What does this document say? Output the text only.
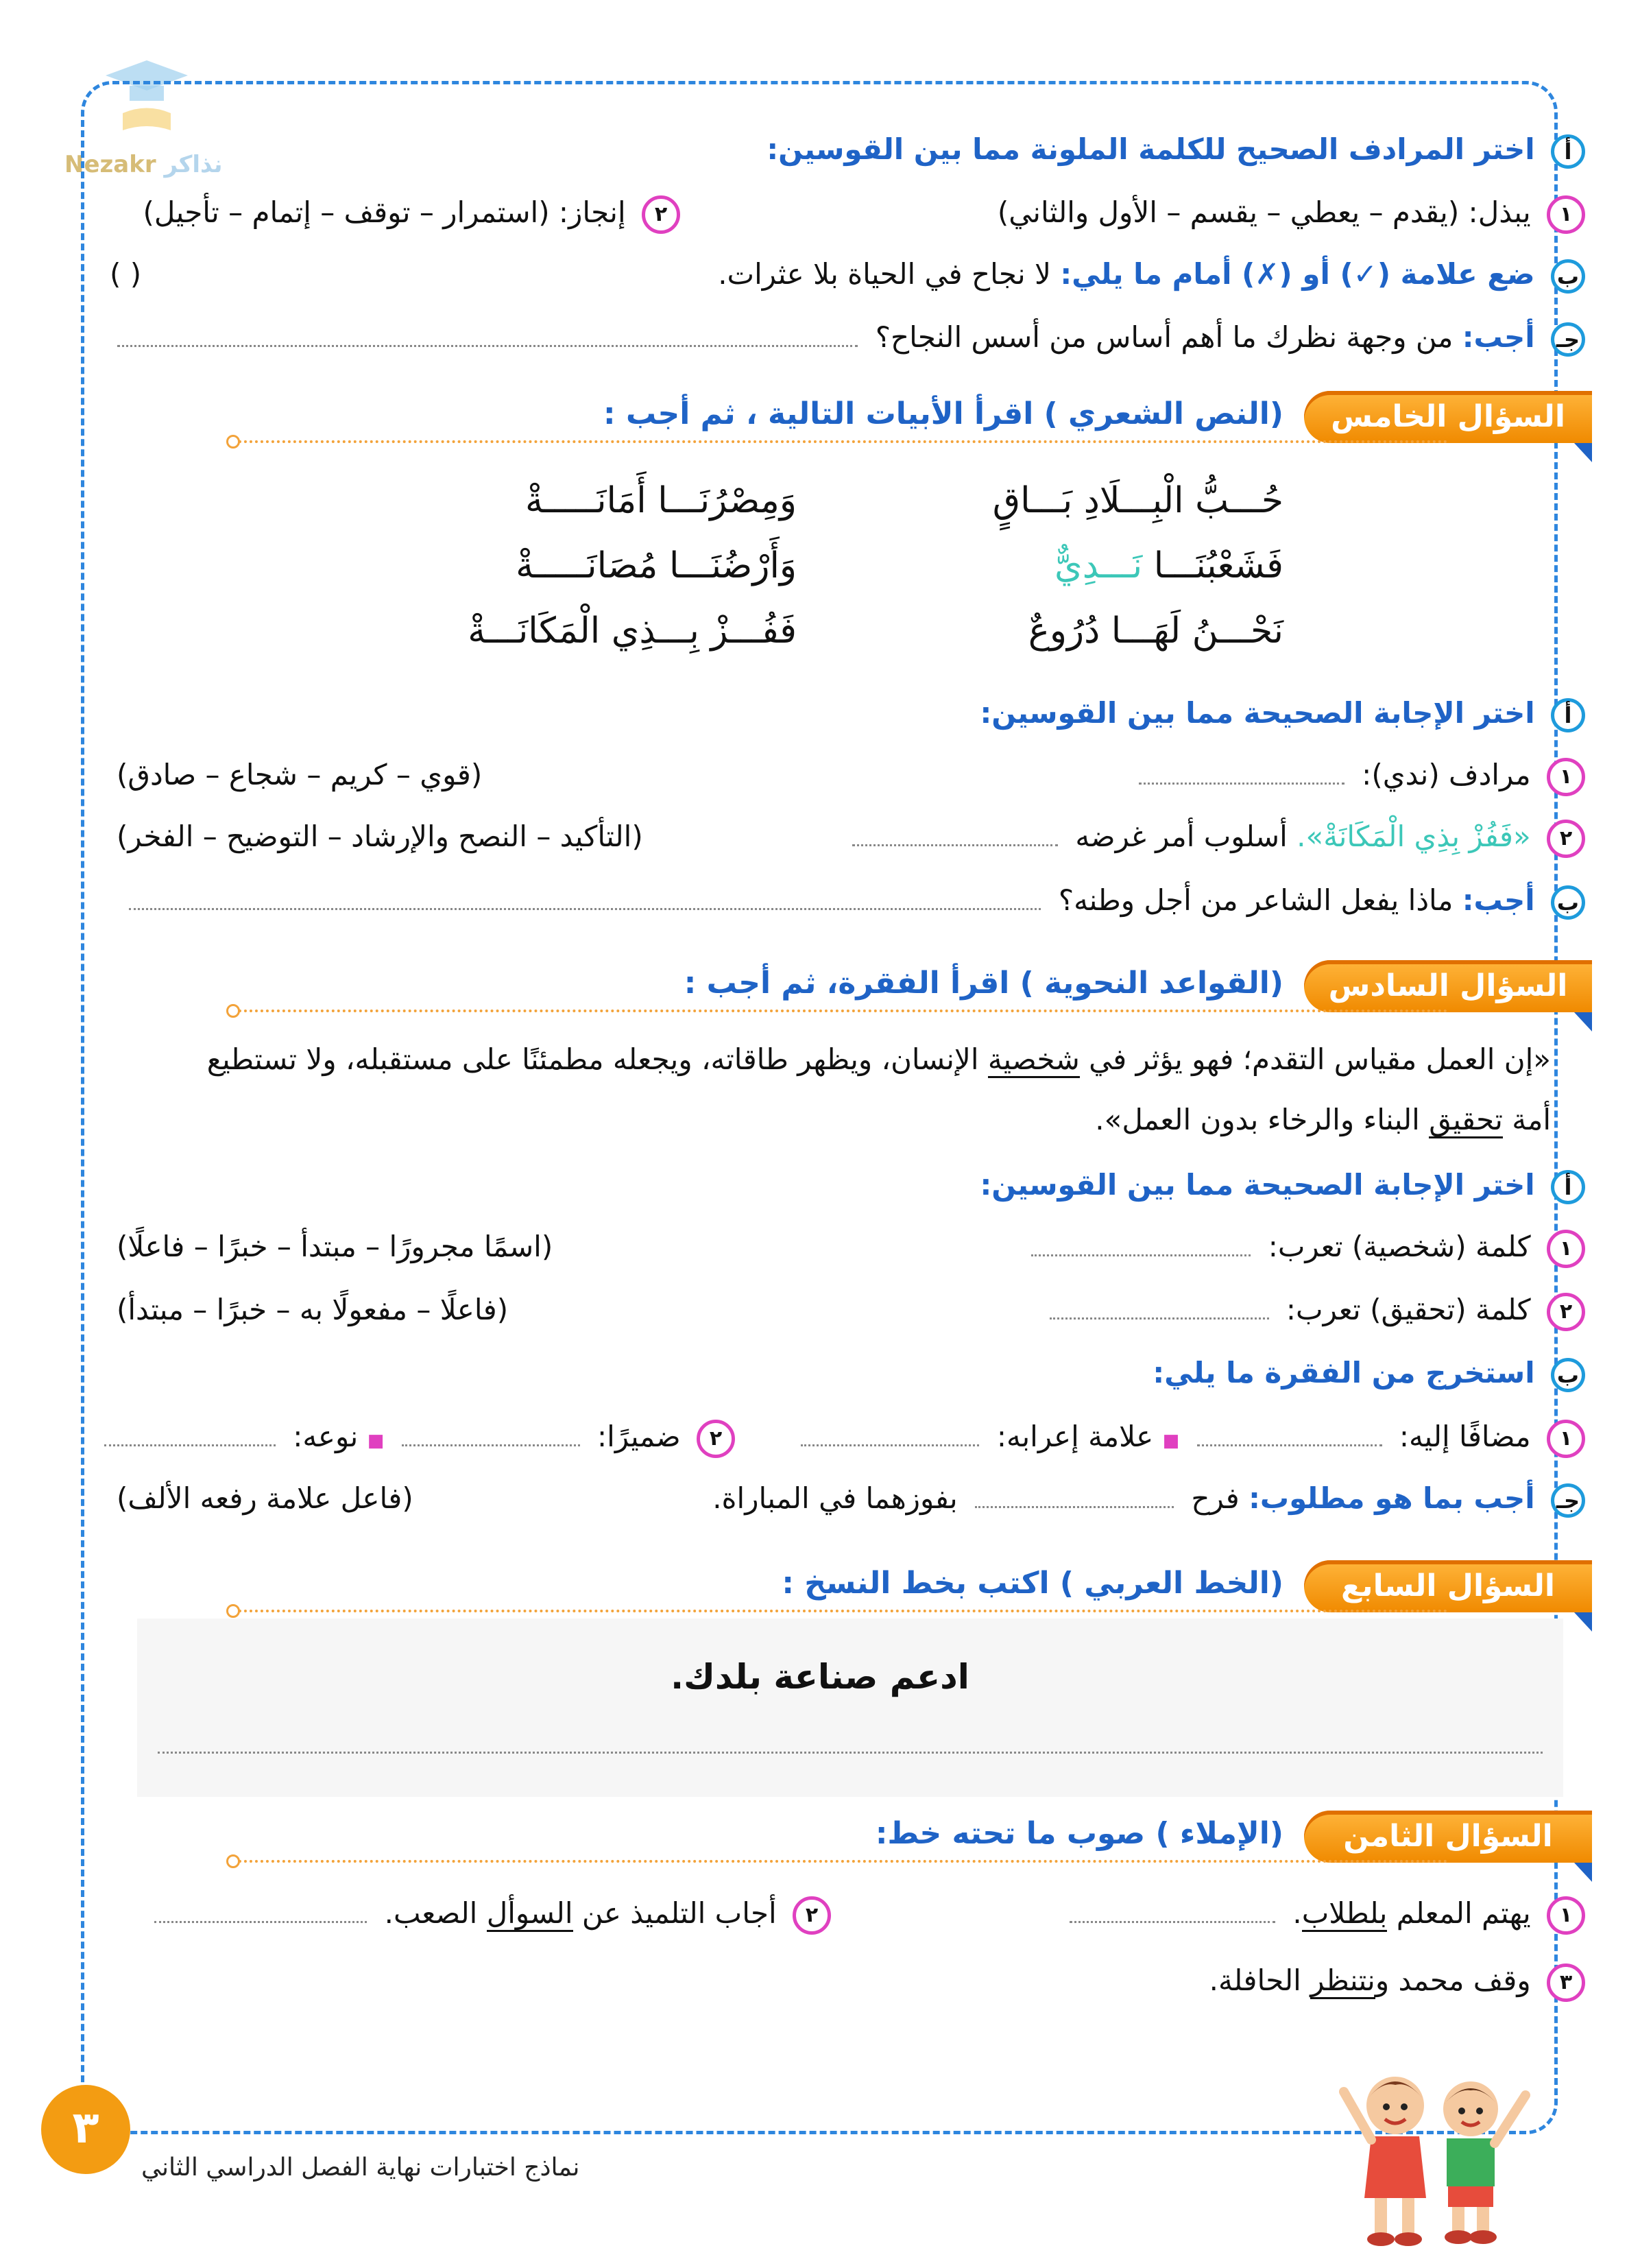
Nezakr نذاكر	أ اختر المرادف الصحيح للكلمة الملونة مما بين القوسين:
١ يبذل: (يقدم – يعطي – يقسم – الأول والثاني)
٢ إنجاز: (استمرار – توقف – إتمام – تأجيل)
ب ضع علامة (✓) أو (✗) أمام ما يلي: لا نجاح في الحياة بلا عثرات.
( )
جـ أجب: من وجهة نظرك ما أهم أساس من أسس النجاح؟
السؤال الخامس
(النص الشعري ) اقرأ الأبيات التالية ، ثم أجب :
حُـــبُّ الْبِـــلَادِ بَـــاقٍ
وَمِصْرُنَـــا أَمَانَـــــةْ
فَشَعْبُنَـــا نَـــدِيٌّ
وَأَرْضُنَـــا مُصَانَـــــةْ
نَحْـــنُ لَهَـــا دُرُوعٌ
فَفُـــزْ بِـــذِي الْمَكَانَـــةْ
أ اختر الإجابة الصحيحة مما بين القوسين:
١ مرادف (ندي):
(قوي – كريم – شجاع – صادق)
٢ «فَفُزْ بِذِي الْمَكَانَةْ». أسلوب أمر غرضه
(التأكيد – النصح والإرشاد – التوضيح – الفخر)
ب أجب: ماذا يفعل الشاعر من أجل وطنه؟
السؤال السادس
(القواعد النحوية ) اقرأ الفقرة، ثم أجب :
«إن العمل مقياس التقدم؛ فهو يؤثر في شخصية الإنسان، ويظهر طاقاته، ويجعله مطمئنًا على مستقبله، ولا تستطيع
أمة تحقيق البناء والرخاء بدون العمل».
أ اختر الإجابة الصحيحة مما بين القوسين:
١ كلمة (شخصية) تعرب:
(اسمًا مجرورًا – مبتدأ – خبرًا – فاعلًا)
٢ كلمة (تحقيق) تعرب:
(فاعلًا – مفعولًا به – خبرًا – مبتدأ)
ب استخرج من الفقرة ما يلي:
١ مضافًا إليه:  ■ علامة إعرابه:
٢ ضميرًا:  ■ نوعه:
جـ أجب بما هو مطلوب: فرح  بفوزهما في المباراة.
(فاعل علامة رفعه الألف)
السؤال السابع
(الخط العربي ) اكتب بخط النسخ :
ادعم صناعة بلدك.
السؤال الثامن
(الإملاء ) صوب ما تحته خط:
١ يهتم المعلم بلطلاب.
٢ أجاب التلميذ عن السوأل الصعب.
٣ وقف محمد ونتنظر الحافلة.
٣
نماذج اختبارات نهاية الفصل الدراسي الثاني
